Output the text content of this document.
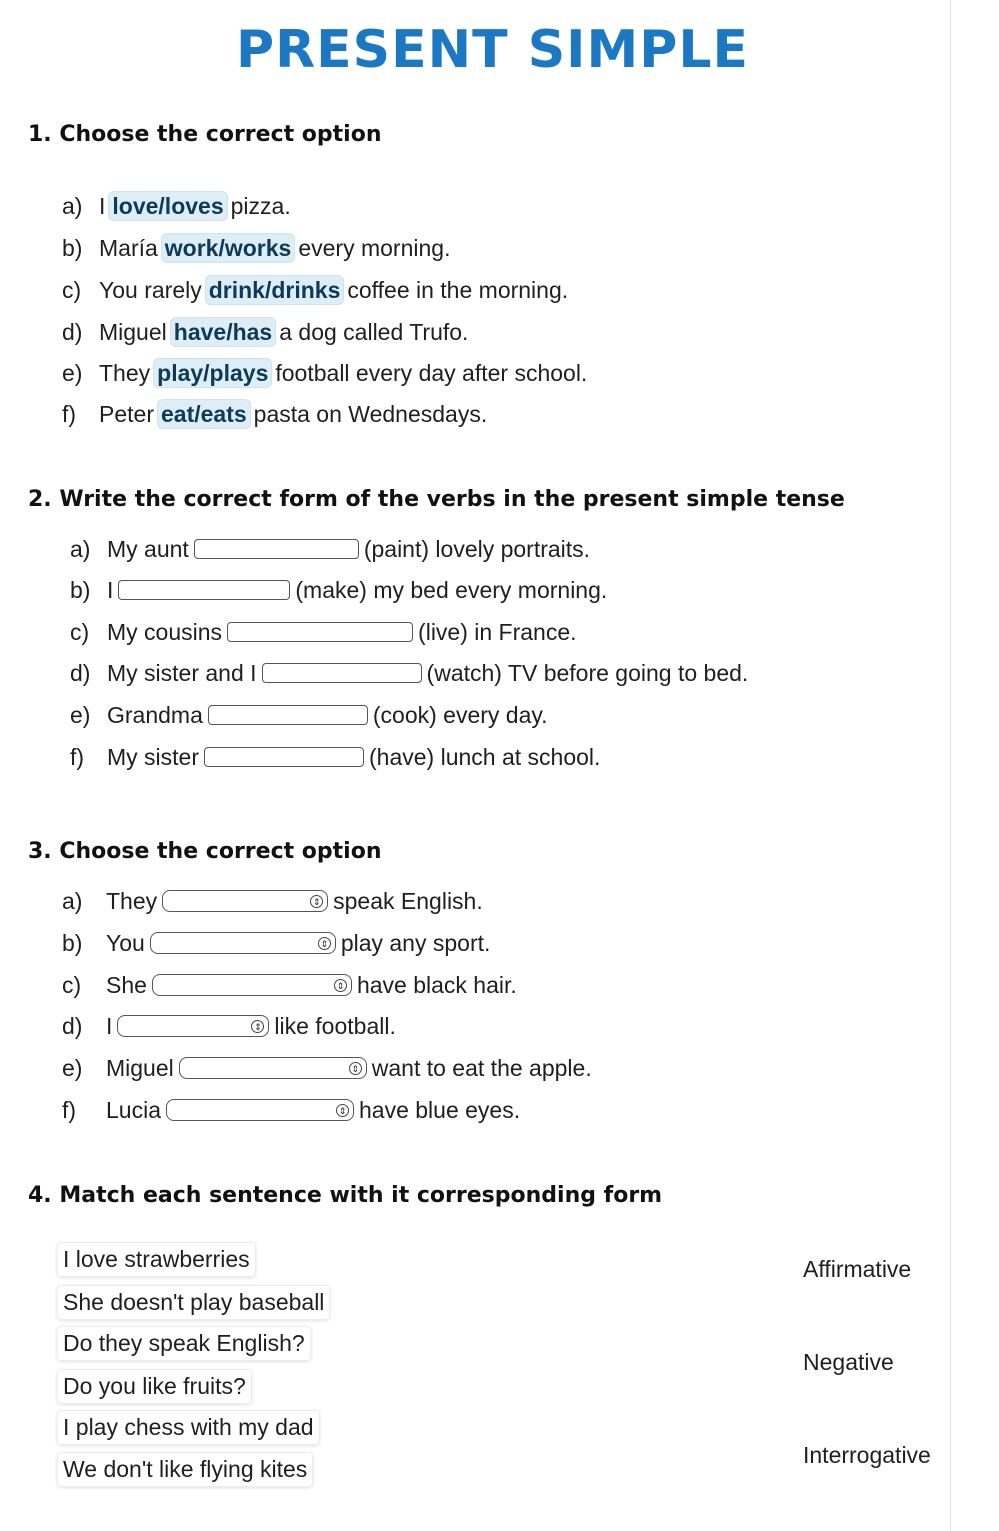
PRESENT SIMPLE
1. Choose the correct option
a) I love/loves pizza.
b) María work/works every morning.
c) You rarely drink/drinks coffee in the morning.
d) Miguel have/has a dog called Trufo.
e) They play/plays football every day after school.
f) Peter eat/eats pasta on Wednesdays.
2. Write the correct form of the verbs in the present simple tense
a) My aunt	(paint) lovely portraits.
b) I	(make) my bed every morning.
c) My cousins	(live) in France.
d) My sister and I	(watch) TV before going to bed.
e) Grandma	(cook) every day.
f) My sister	(have) lunch at school.
3. Choose the correct option
a)	They	⇕ speak English.
b)	You	⇕ play any sport.
c)	She	⇕ have black hair.
d)	I	⇕ like football.
e)	Miguel	⇕ want to eat the apple.
f)	Lucia	⇕ have blue eyes.
4. Match each sentence with it corresponding form
I love strawberries
She doesn't play baseball
Do they speak English?
Do you like fruits?
I play chess with my dad
We don't like flying kites
Affirmative
Negative
Interrogative
